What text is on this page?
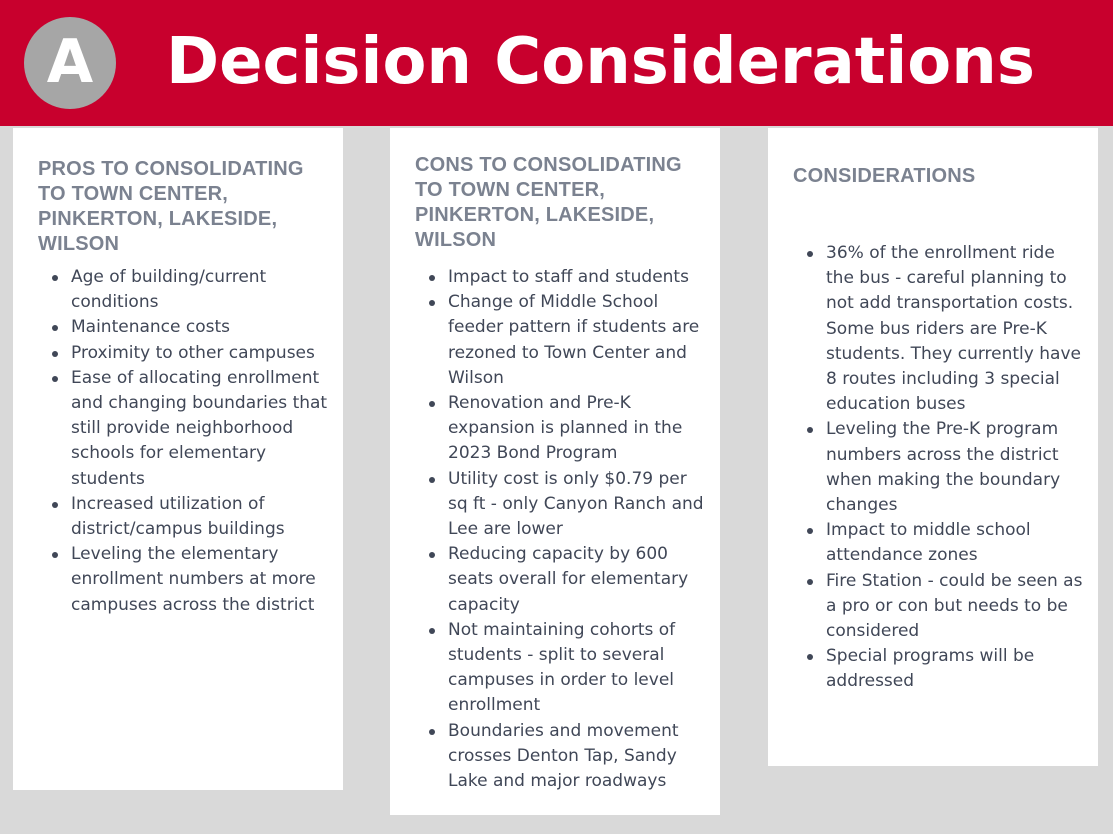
A	Decision Considerations
PROS TO CONSOLIDATING TO TOWN CENTER, PINKERTON, LAKESIDE, WILSON
Age of building/current conditions
Maintenance costs
Proximity to other campuses
Ease of allocating enrollment and changing boundaries that still provide neighborhood schools for elementary students
Increased utilization of district/campus buildings
Leveling the elementary enrollment numbers at more campuses across the district
CONS TO CONSOLIDATING TO TOWN CENTER, PINKERTON, LAKESIDE, WILSON
Impact to staff and students
Change of Middle School feeder pattern if students are rezoned to Town Center and Wilson
Renovation and Pre-K expansion is planned in the 2023 Bond Program
Utility cost is only $0.79 per sq ft - only Canyon Ranch and Lee are lower
Reducing capacity by 600 seats overall for elementary capacity
Not maintaining cohorts of students - split to several campuses in order to level enrollment
Boundaries and movement crosses Denton Tap, Sandy Lake and major roadways
CONSIDERATIONS
36% of the enrollment ride the bus - careful planning to not add transportation costs. Some bus riders are Pre-K students. They currently have 8 routes including 3 special education buses
Leveling the Pre-K program numbers across the district when making the boundary changes
Impact to middle school attendance zones
Fire Station - could be seen as a pro or con but needs to be considered
Special programs will be addressed
